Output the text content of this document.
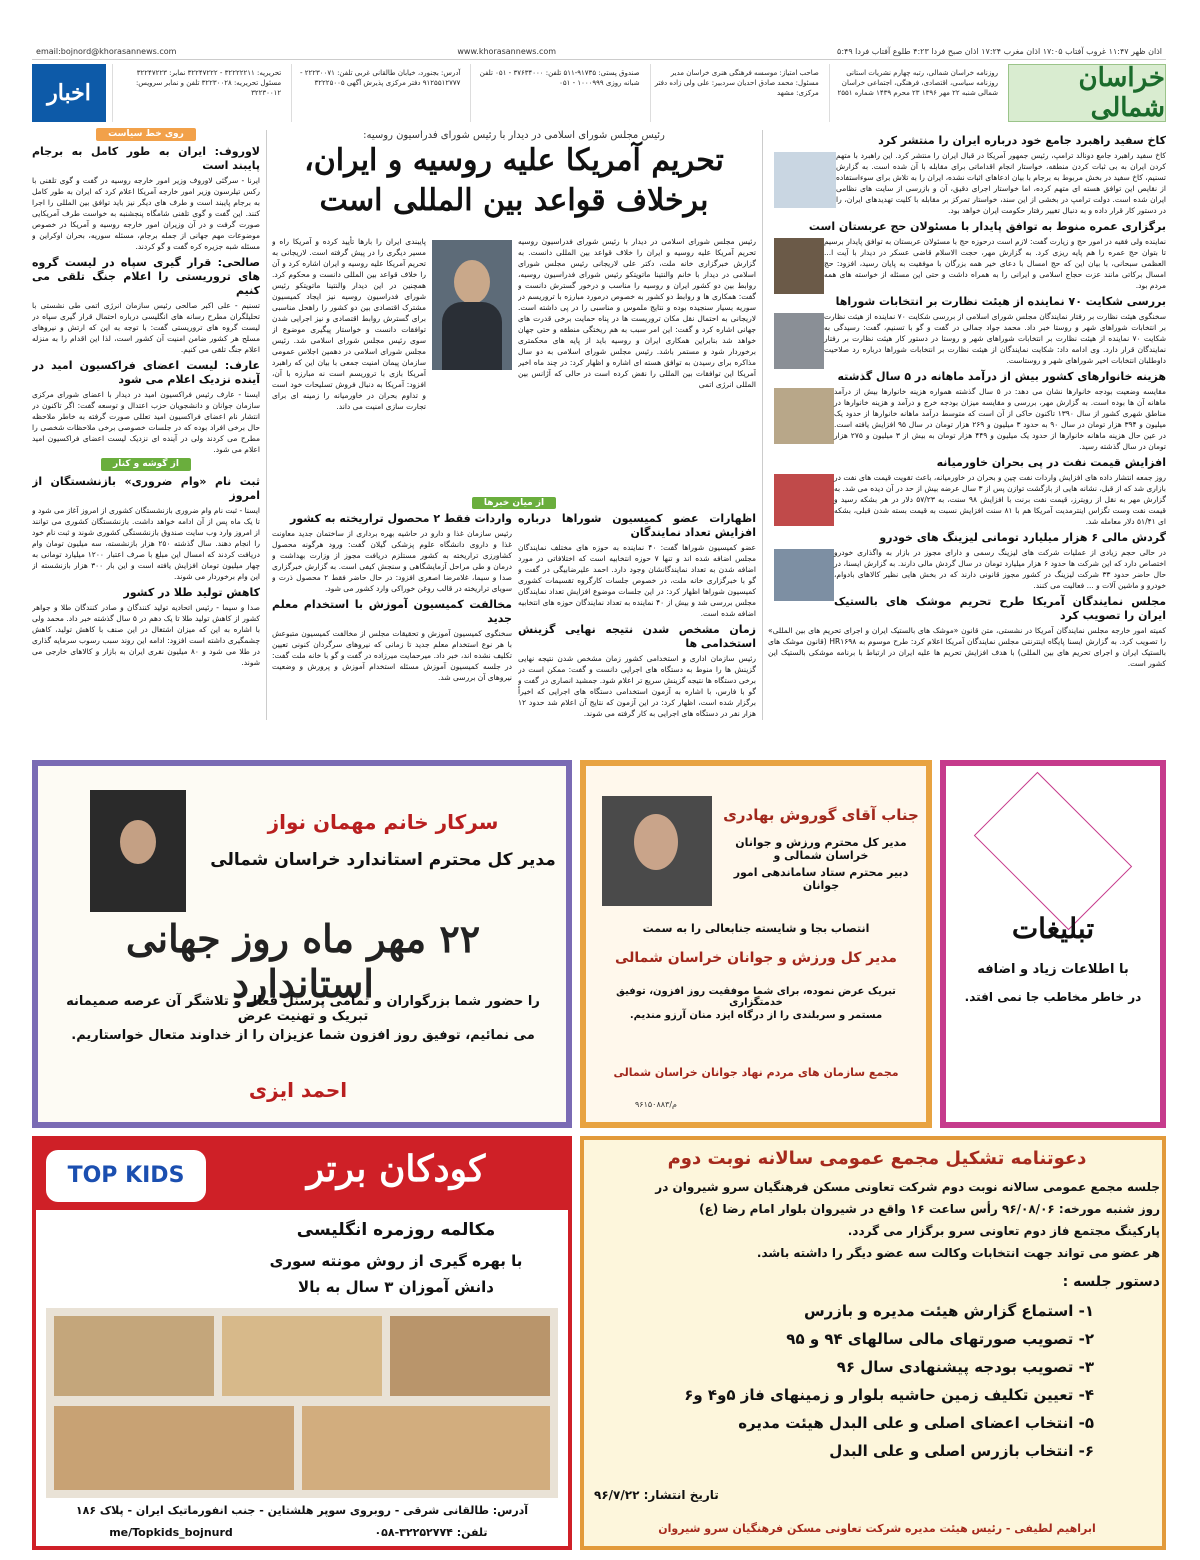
اذان ظهر ۱۱:۴۷ غروب آفتاب ۱۷:۰۵ اذان مغرب ۱۷:۲۴ اذان صبح فردا ۴:۲۳ طلوع آفتاب فردا ۵:۴۹
www.khorasannews.com
email:bojnord@khorasannews.com
خراسان شمالی
روزنامه خراسان شمالی، رتبه چهارم نشریات استانی روزنامه سیاسی، اقتصادی، فرهنگی، اجتماعی خراسان شمالی شنبه ۲۲ مهر ۱۳۹۶ ۲۳ محرم ۱۴۳۹ شماره ۲۵۵۱
صاحب امتیاز: موسسه فرهنگی هنری خراسان مدیر مسئول: محمد صادق احدیان سردبیر: علی ولی زاده دفتر مرکزی: مشهد
صندوق پستی: ۹۱۷۳۵-۵۱۱ تلفن: ۳۷۶۳۴۰۰۰ - ۰۵۱ تلفن شبانه روزی ۱۰۰۰۹۹۹ - ۰۵۱
آدرس: بجنورد، خیابان طالقانی غربی تلفن: ۲۲۲۳۰۰۷۱ - ۹۱۲۵۵۱۲۷۷۷ دفتر مرکزی پذیرش آگهی ۳۲۲۲۵۰۰۵
تحریریه: ۳۲۲۲۲۲۱۱ - ۳۲۲۴۷۲۲۲ نمابر: ۳۲۲۴۷۲۲۳ مسئول تحریریه: ۳۲۲۳۰۰۲۸ تلفن و نمابر سرویس: ۳۲۲۳۰۰۱۲
اخبار
کاخ سفید راهبرد جامع خود درباره ایران را منتشر کرد
کاخ سفید راهبرد جامع دونالد ترامپ، رئیس جمهور آمریکا در قبال ایران را منتشر کرد. این راهبرد با متهم کردن ایران به بی ثبات کردن منطقه، خواستار انجام اقداماتی برای مقابله با آن شده است. به گزارش تسنیم، کاخ سفید در بخش مربوط به برجام با بیان ادعاهای اثبات نشده، ایران را به تلاش برای سوءاستفاده از نقایص این توافق هسته ای متهم کرده، اما خواستار اجرای دقیق، آن و بازرسی از سایت های نظامی ایران شده است. دولت ترامپ در بخشی از این سند، خواستار تمرکز بر مقابله با کلیت تهدیدهای ایران، را در دستور کار قرار داده و به دنبال تغییر رفتار حکومت ایران خواهد بود.
برگزاری عمره منوط به توافق پایدار با مسئولان حج عربستان است
نماینده ولی فقیه در امور حج و زیارت گفت: لازم است درحوزه حج با مسئولان عربستان به توافق پایدار برسیم تا بتوان حج عمره را هم پایه ریزی کرد. به گزارش مهر، حجت الاسلام قاضی عسکر در دیدار با آیت ا... العظمی سبحانی، با بیان این که حج امسال با دعای خیر همه بزرگان با موفقیت به پایان رسید، افزود: حج امسال برکاتی مانند عزت حجاج اسلامی و ایرانی را به همراه داشت و حتی این مسئله از خواسته های همه مردم بود.
بررسی شکایت ۷۰ نماینده از هیئت نظارت بر انتخابات شوراها
سخنگوی هیئت نظارت بر رفتار نمایندگان مجلس شورای اسلامی از بررسی شکایت ۷۰ نماینده از هیئت نظارت بر انتخابات شوراهای شهر و روستا خبر داد. محمد جواد جمالی در گفت و گو با تسنیم، گفت: رسیدگی به شکایت ۷۰ نماینده از هیئت نظارت بر انتخابات شوراهای شهر و روستا در دستور کار هیئت نظارت بر رفتار نمایندگان قرار دارد. وی ادامه داد: شکایت نمایندگان از هیئت نظارت بر انتخابات شوراها درباره رد صلاحیت داوطلبان انتخابات اخیر شوراهای شهر و روستاست.
هزینه خانوارهای کشور بیش از درآمد ماهانه در ۵ سال گذشته
مقایسه وضعیت بودجه خانوارها نشان می دهد: در ۵ سال گذشته همواره هزینه خانوارها بیش از درآمد ماهانه آن ها بوده است. به گزارش مهر، بررسی و مقایسه میزان بودجه خرج و درآمد و هزینه خانوارها در مناطق شهری کشور از سال ۱۳۹۰ تاکنون حاکی از آن است که متوسط درآمد ماهانه خانوارها از حدود یک میلیون و ۳۹۴ هزار تومان در سال ۹۰ به حدود ۳ میلیون و ۲۶۹ هزار تومان در سال ۹۵ افزایش یافته است. در عین حال هزینه ماهانه خانوارها از حدود یک میلیون و ۴۴۹ هزار تومان به بیش از ۳ میلیون و ۲۷۵ هزار تومان در سال گذشته رسید.
افزایش قیمت نفت در پی بحران خاورمیانه
روز جمعه انتشار داده های افزایش واردات نفت چین و بحران در خاورمیانه، باعث تقویت قیمت های نفت در بازاری شد که از قبل، نشانه هایی از بازگشت توازن پس از ۳ سال عرضه بیش از حد در آن دیده می شد. به گزارش مهر به نقل از رویترز، قیمت نفت برنت با افزایش ۹۸ سنت، به ۵۷/۲۳ دلار در هر بشکه رسید و قیمت نفت وست تگزاس اینترمدیت آمریکا هم با ۸۱ سنت افزایش نسبت به قیمت بسته شدن قبلی، بشکه ای ۵۱/۴۱ دلار معامله شد.
گردش مالی ۶ هزار میلیارد تومانی لیزینگ های خودرو
در حالی حجم زیادی از عملیات شرکت های لیزینگ رسمی و دارای مجوز در بازار به واگذاری خودرو اختصاص دارد که این شرکت ها حدود ۶ هزار میلیارد تومان در سال گردش مالی دارند. به گزارش ایسنا، در حال حاضر حدود ۳۳ شرکت لیزینگ در کشور مجوز قانونی دارند که در بخش هایی نظیر کالاهای بادوام، خودرو و ماشین آلات و ... فعالیت می کنند.
مجلس نمایندگان آمریکا طرح تحریم موشک های بالستیک ایران را تصویب کرد
کمیته امور خارجه مجلس نمایندگان آمریکا در نشستی، متن قانون «موشک های بالستیک ایران و اجرای تحریم های بین المللی» را تصویب کرد. به گزارش ایسنا پایگاه اینترنتی مجلس نمایندگان آمریکا اعلام کرد: طرح موسوم به HR۱۶۹۸ (قانون موشک های بالستیک ایران و اجرای تحریم های بین المللی) با هدف افزایش تحریم ها علیه ایران در ارتباط با برنامه موشکی بالستیک این کشور است.
رئیس مجلس شورای اسلامی در دیدار با رئیس شورای فدراسیون روسیه:
تحریم آمریکا علیه روسیه و ایران، برخلاف قواعد بین المللی است
رئیس مجلس شورای اسلامی در دیدار با رئیس شورای فدراسیون روسیه تحریم آمریکا علیه روسیه و ایران را خلاف قواعد بین المللی دانست. به گزارش خبرگزاری خانه ملت، دکتر علی لاریجانی رئیس مجلس شورای اسلامی در دیدار با خانم والنتینا ماتویتکو رئیس شورای فدراسیون روسیه، روابط بین دو کشور ایران و روسیه را مناسب و درخور گسترش دانست و گفت: همکاری ها و روابط دو کشور به خصوص درمورد مبارزه با تروریسم در سوریه بسیار سنجیده بوده و نتایج ملموس و مناسبی را در پی داشته است. لاریجانی به احتمال نقل مکان تروریست ها در پناه حمایت برخی قدرت های جهانی اشاره کرد و گفت: این امر سبب به هم ریختگی منطقه و حتی جهان خواهد شد بنابراین همکاری ایران و روسیه باید از پایه های محکمتری برخوردار شود و مستمر باشد. رئیس مجلس شورای اسلامی به دو سال مذاکره برای رسیدن به توافق هسته ای اشاره و اظهار کرد: در چند ماه اخیر آمریکا این توافقات بین المللی را نقض کرده است در حالی که آژانس بین المللی انرژی اتمی
پایبندی ایران را بارها تأیید کرده و آمریکا راه و مسیر دیگری را در پیش گرفته است. لاریجانی به تحریم آمریکا علیه روسیه و ایران اشاره کرد و آن را خلاف قواعد بین المللی دانست و محکوم کرد. همچنین در این دیدار والنتینا ماتویتکو رئیس شورای فدراسیون روسیه نیز ایجاد کمیسیون مشترک اقتصادی بین دو کشور را راهحل مناسبی برای گسترش روابط اقتصادی و نیز اجرایی شدن توافقات دانست و خواستار پیگیری موضوع از سوی رئیس مجلس شورای اسلامی شد. رئیس مجلس شورای اسلامی در دهمین اجلاس عمومی سازمان پیمان امنیت جمعی با بیان این که راهبرد آمریکا بازی با تروریسم است نه مبارزه با آن، افزود: آمریکا به دنبال فروش تسلیحات خود است و تداوم بحران در خاورمیانه را زمینه ای برای تجارت سازی امنیت می داند.
از میان خبرها
اظهارات عضو کمیسیون شوراها درباره افزایش تعداد نمایندگان
عضو کمیسیون شوراها گفت: ۴۰ نماینده به حوزه های مختلف نمایندگان مجلس اضافه شده اند و تنها ۷ حوزه انتخابیه است که اختلافاتی در مورد اضافه شدن به تعداد نمایندگانشان وجود دارد. احمد علیرضابیگی در گفت و گو با خبرگزاری خانه ملت، در خصوص جلسات کارگروه تقسیمات کشوری کمیسیون شوراها اظهار کرد: در این جلسات موضوع افزایش تعداد نمایندگان مجلس بررسی شد و بیش از ۴۰ نماینده به تعداد نمایندگان حوزه های انتخابیه اضافه شده است.
زمان مشخص شدن نتیجه نهایی گزینش استخدامی ها
رئیس سازمان اداری و استخدامی کشور زمان مشخص شدن نتیجه نهایی گزینش ها را منوط به دستگاه های اجرایی دانست و گفت: ممکن است در برخی دستگاه ها نتیجه گزینش سریع تر اعلام شود. جمشید انصاری در گفت و گو با فارس، با اشاره به آزمون استخدامی دستگاه های اجرایی که اخیراً برگزار شده است، اظهار کرد: در این آزمون که نتایج آن اعلام شد حدود ۱۲ هزار نفر در دستگاه های اجرایی به کار گرفته می شوند.
واردات فقط ۲ محصول تراریخته به کشور
رئیس سازمان غذا و دارو در حاشیه بهره برداری از ساختمان جدید معاونت غذا و داروی دانشگاه علوم پزشکی گیلان گفت: ورود هرگونه محصول کشاورزی تراریخته به کشور مستلزم دریافت مجوز از وزارت بهداشت و درمان و طی مراحل آزمایشگاهی و سنجش کیفی است. به گزارش خبرگزاری صدا و سیما، غلامرضا اصغری افزود: در حال حاضر فقط ۲ محصول ذرت و سویای تراریخته در قالب روغن خوراکی وارد کشور می شود.
مخالفت کمیسیون آموزش با استخدام معلم جدید
سخنگوی کمیسیون آموزش و تحقیقات مجلس از مخالفت کمیسیون متبوعش با هر نوع استخدام معلم جدید تا زمانی که نیروهای سرگردان کنونی تعیین تکلیف نشده اند، خبر داد. میرحمایت میرزاده در گفت و گو با خانه ملت گفت: در جلسه کمیسیون آموزش مسئله استخدام آموزش و پرورش و وضعیت نیروهای آن بررسی شد.
روی خط سیاست
لاوروف: ایران به طور کامل به برجام پایبند است
ایرنا - سرگئی لاوروف وزیر امور خارجه روسیه در گفت و گوی تلفنی با رکس تیلرسون وزیر امور خارجه آمریکا اعلام کرد که ایران به طور کامل به برجام پایبند است و طرف های دیگر نیز باید توافق بین المللی را اجرا کنند. این گفت و گوی تلفنی شامگاه پنجشنبه به خواست طرف آمریکایی صورت گرفت و در آن وزیران امور خارجه روسیه و آمریکا در خصوص موضوعات مهم جهانی از جمله برجام، مسئله سوریه، بحران اوکراین و مسئله شبه جزیره کره گفت و گو کردند.
صالحی: قرار گیری سپاه در لیست گروه های تروریستی را اعلام جنگ تلقی می کنیم
تسنیم - علی اکبر صالحی رئیس سازمان انرژی اتمی طی نشستی با تحلیلگران مطرح رسانه های انگلیسی درباره احتمال قرار گیری سپاه در لیست گروه های تروریستی گفت: با توجه به این که ارتش و نیروهای مسلح هر کشور ضامن امنیت آن کشور است، لذا این اقدام را به منزله اعلام جنگ تلقی می کنیم.
عارف: لیست اعضای فراکسیون امید در آینده نزدیک اعلام می شود
ایسنا - عارف رئیس فراکسیون امید در دیدار با اعضای شورای مرکزی سازمان جوانان و دانشجویان حزب اعتدال و توسعه گفت: اگر تاکنون در انتشار نام اعضای فراکسیون امید تعللی صورت گرفته به خاطر ملاحظه حال برخی افراد بوده که در جلسات خصوصی برخی ملاحظات شخصی را مطرح می کردند ولی در آینده ای نزدیک لیست اعضای فراکسیون امید اعلام می شود.
از گوشه و کنار
ثبت نام «وام ضروری» بازنشستگان از امروز
ایسنا - ثبت نام وام ضروری بازنشستگان کشوری از امروز آغاز می شود و تا یک ماه پس از آن ادامه خواهد داشت. بازنشستگان کشوری می توانند از امروز وارد وب سایت صندوق بازنشستگی کشوری شوند و ثبت نام خود را انجام دهند. سال گذشته ۲۵۰ هزار بازنشسته، سه میلیون تومان وام دریافت کردند که امسال این مبلغ با صرف اعتبار ۱۲۰۰ میلیارد تومانی به چهار میلیون تومان افزایش یافته است و این بار ۳۰۰ هزار بازنشسته از این وام برخوردار می شوند.
کاهش تولید طلا در کشور
صدا و سیما - رئیس اتحادیه تولید کنندگان و صادر کنندگان طلا و جواهر کشور از کاهش تولید طلا تا یک دهم در ۵ سال گذشته خبر داد. محمد ولی با اشاره به این که میزان اشتغال در این صنف با کاهش تولید، کاهش چشمگیری داشته است افزود: ادامه این روند سبب رسوب سرمایه گذاری در طلا می شود و ۸۰ میلیون نفری ایران به بازار و کالاهای خارجی می شوند.
سرکار خانم مهمان نواز
مدیر کل محترم استاندارد خراسان شمالی
۲۲ مهر ماه روز جهانی استاندارد
را حضور شما بزرگواران و تمامی پرسنل فعال و تلاشگر آن عرصه صمیمانه تبریک و تهنیت عرض
می نمائیم، توفیق روز افزون شما عزیزان را از خداوند متعال خواستاریم.
احمد ایزی
جناب آقای گوروش بهادری
مدیر کل محترم ورزش و جوانان خراسان شمالی و
دبیر محترم ستاد ساماندهی امور جوانان
انتصاب بجا و شایسته جنابعالی را به سمت
مدیر کل ورزش و جوانان خراسان شمالی
تبریک عرض نموده، برای شما موفقیت روز افزون، توفیق خدمتگزاری
مستمر و سربلندی را از درگاه ایزد منان آرزو مندیم.
مجمع سازمان های مردم نهاد جوانان خراسان شمالی
م/۹۶۱۵۰۸۸۳
تبلیغات
با اطلاعات زیاد و اضافه
در خاطر مخاطب جا نمی افتد.
TOP KIDS	کودکان برتر
مکالمه روزمره انگلیسی
با بهره گیری از روش مونته سوری
دانش آموزان ۳ سال به بالا
آدرس: طالقانی شرقی - روبروی سوپر هلشتاین - جنب انفورماتیک ایران - پلاک ۱۸۶
تلفن: ۳۲۲۵۲۷۷۴-۰۵۸
me/Topkids_bojnurd
دعوتنامه تشکیل مجمع عمومی سالانه نوبت دوم
جلسه مجمع عمومی سالانه نوبت دوم شرکت تعاونی مسکن فرهنگیان سرو شیروان در
روز شنبه مورخه: ۹۶/۰۸/۰۶ رأس ساعت ۱۶ واقع در شیروان بلوار امام رضا (ع)
پارکینگ مجتمع فاز دوم تعاونی سرو برگزار می گردد.
هر عضو می تواند جهت انتخابات وکالت سه عضو دیگر را داشته باشد.
دستور جلسه :
۱- استماع گزارش هیئت مدیره و بازرس
۲- تصویب صورتهای مالی سالهای ۹۴ و ۹۵
۳- تصویب بودجه پیشنهادی سال ۹۶
۴- تعیین تکلیف زمین حاشیه بلوار و زمینهای فاز ۵و۴ و۶
۵- انتخاب اعضای اصلی و علی البدل هیئت مدیره
۶- انتخاب بازرس اصلی و علی البدل
تاریخ انتشار: ۹۶/۷/۲۲
ابراهیم لطیفی - رئیس هیئت مدیره شرکت تعاونی مسکن فرهنگیان سرو شیروان
